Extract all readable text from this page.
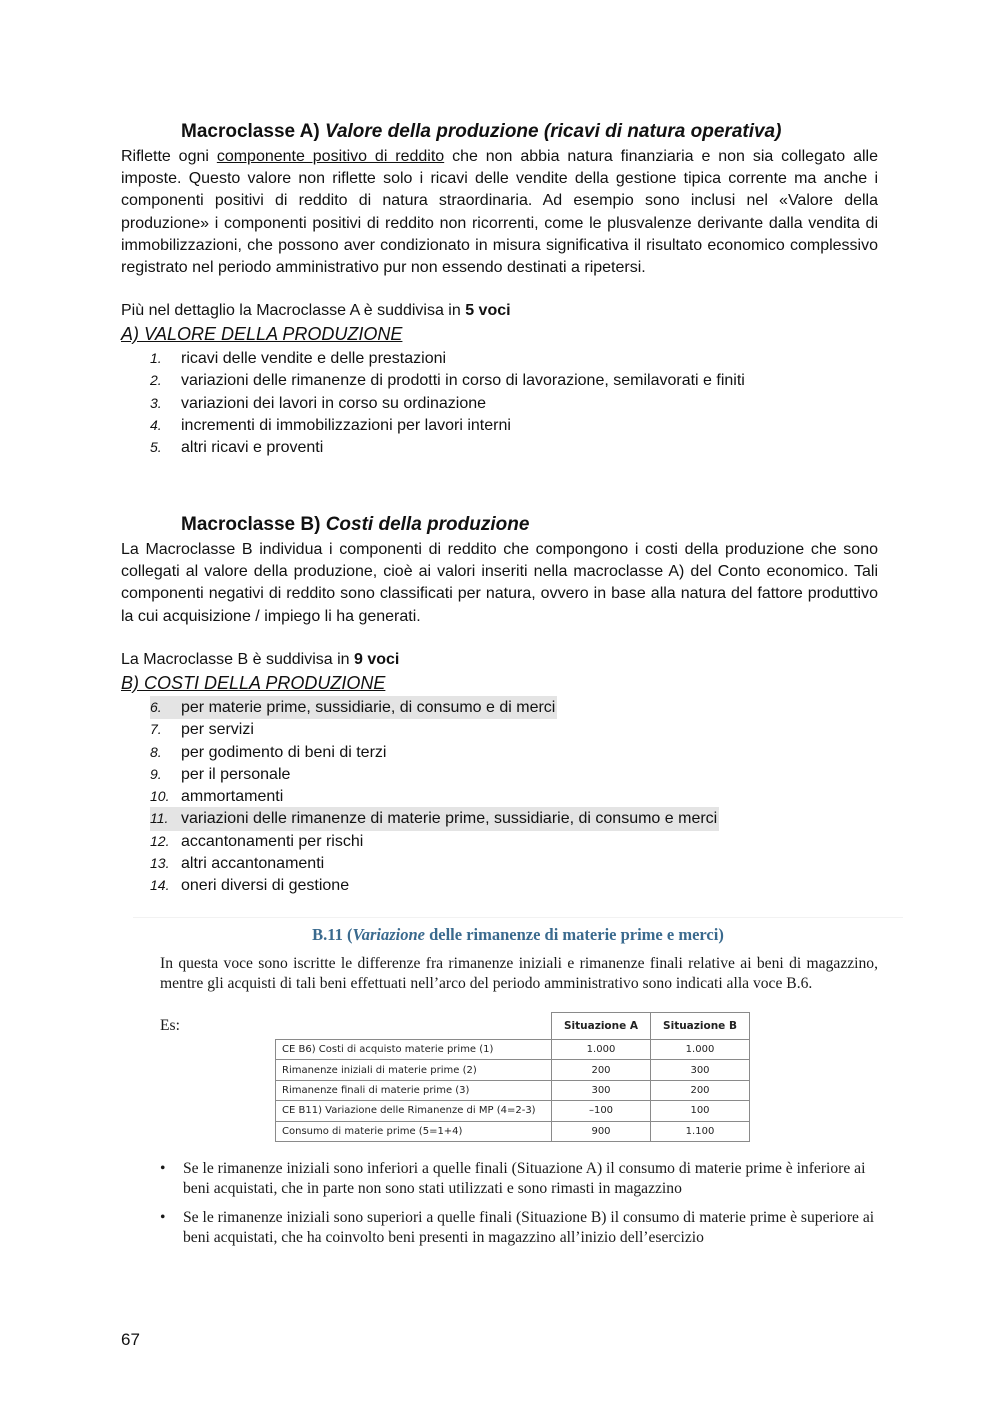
Macroclasse A) Valore della produzione (ricavi di natura operativa)

Riflette ogni componente positivo di reddito che non abbia natura finanziaria e non sia collegato alle imposte. Questo valore non riflette solo i ricavi delle vendite della gestione tipica corrente ma anche i componenti positivi di reddito di natura straordinaria. Ad esempio sono inclusi nel «Valore della produzione» i componenti positivi di reddito non ricorrenti, come le plusvalenze derivante dalla vendita di immobilizzazioni, che possono aver condizionato in misura significativa il risultato economico complessivo registrato nel periodo amministrativo pur non essendo destinati a ripetersi.

Più nel dettaglio la Macroclasse A è suddivisa in 5 voci

A) VALORE DELLA PRODUZIONE

1. ricavi delle vendite e delle prestazioni
2. variazioni delle rimanenze di prodotti in corso di lavorazione, semilavorati e finiti
3. variazioni dei lavori in corso su ordinazione
4. incrementi di immobilizzazioni per lavori interni
5. altri ricavi e proventi
Macroclasse B) Costi della produzione

La Macroclasse B individua i componenti di reddito che compongono i costi della produzione che sono collegati al valore della produzione, cioè ai valori inseriti nella macroclasse A) del Conto economico. Tali componenti negativi di reddito sono classificati per natura, ovvero in base alla natura del fattore produttivo la cui acquisizione / impiego li ha generati.

La Macroclasse B è suddivisa in 9 voci

B) COSTI DELLA PRODUZIONE

6. per materie prime, sussidiarie, di consumo e di merci
7. per servizi
8. per godimento di beni di terzi
9. per il personale
10. ammortamenti
11. variazioni delle rimanenze di materie prime, sussidiarie, di consumo e merci
12. accantonamenti per rischi
13. altri accantonamenti
14. oneri diversi di gestione
B.11 (Variazione delle rimanenze di materie prime e merci)

In questa voce sono iscritte le differenze fra rimanenze iniziali e rimanenze finali relative ai beni di magazzino, mentre gli acquisti di tali beni effettuati nell’arco del periodo amministrativo sono indicati alla voce B.6.

Es:
		Situazione A	Situazione B
CE B6) Costi di acquisto materie prime (1)	1.000	1.000
Rimanenze iniziali di materie prime (2)	200	300
Rimanenze finali di materie prime (3)	300	200
CE B11) Variazione delle Rimanenze di MP (4=2-3)	–100	100
Consumo di materie prime (5=1+4)	900	1.100
• Se le rimanenze iniziali sono inferiori a quelle finali (Situazione A) il consumo di materie prime è inferiore ai beni acquistati, che in parte non sono stati utilizzati e sono rimasti in magazzino
• Se le rimanenze iniziali sono superiori a quelle finali (Situazione B) il consumo di materie prime è superiore ai beni acquistati, che ha coinvolto beni presenti in magazzino all’inizio dell’esercizio
67
